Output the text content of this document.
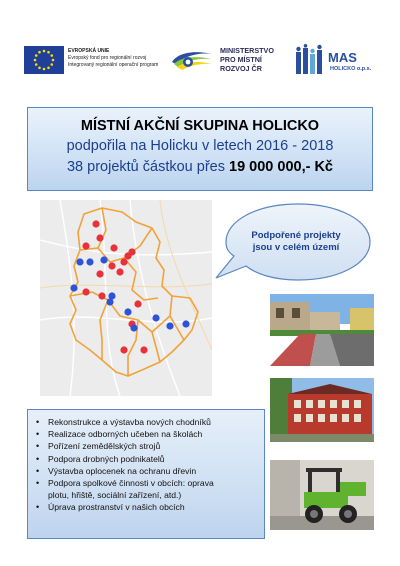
EVROPSKÁ UNIE
Evropský fond pro regionální rozvoj
Integrovaný regionální operační program
MINISTERSTVO
PRO MÍSTNÍ
ROZVOJ ČR
MAS
HOLICKO o.p.s.
MÍSTNÍ AKČNÍ SKUPINA HOLICKO
podpořila na Holicku v letech 2016 - 2018
38 projektů částkou přes 19 000 000,- Kč
Podpořené projekty
jsou v celém území
• Rekonstrukce a výstavba nových chodníků
• Realizace odborných učeben na školách
• Pořízení zemědělských strojů
• Podpora drobných podnikatelů
• Výstavba oplocenek na ochranu dřevin
• Podpora spolkové činnosti v obcích: oprava
plotu, hřiště, sociální zařízení, atd.)
• Úprava prostranství v našich obcích
